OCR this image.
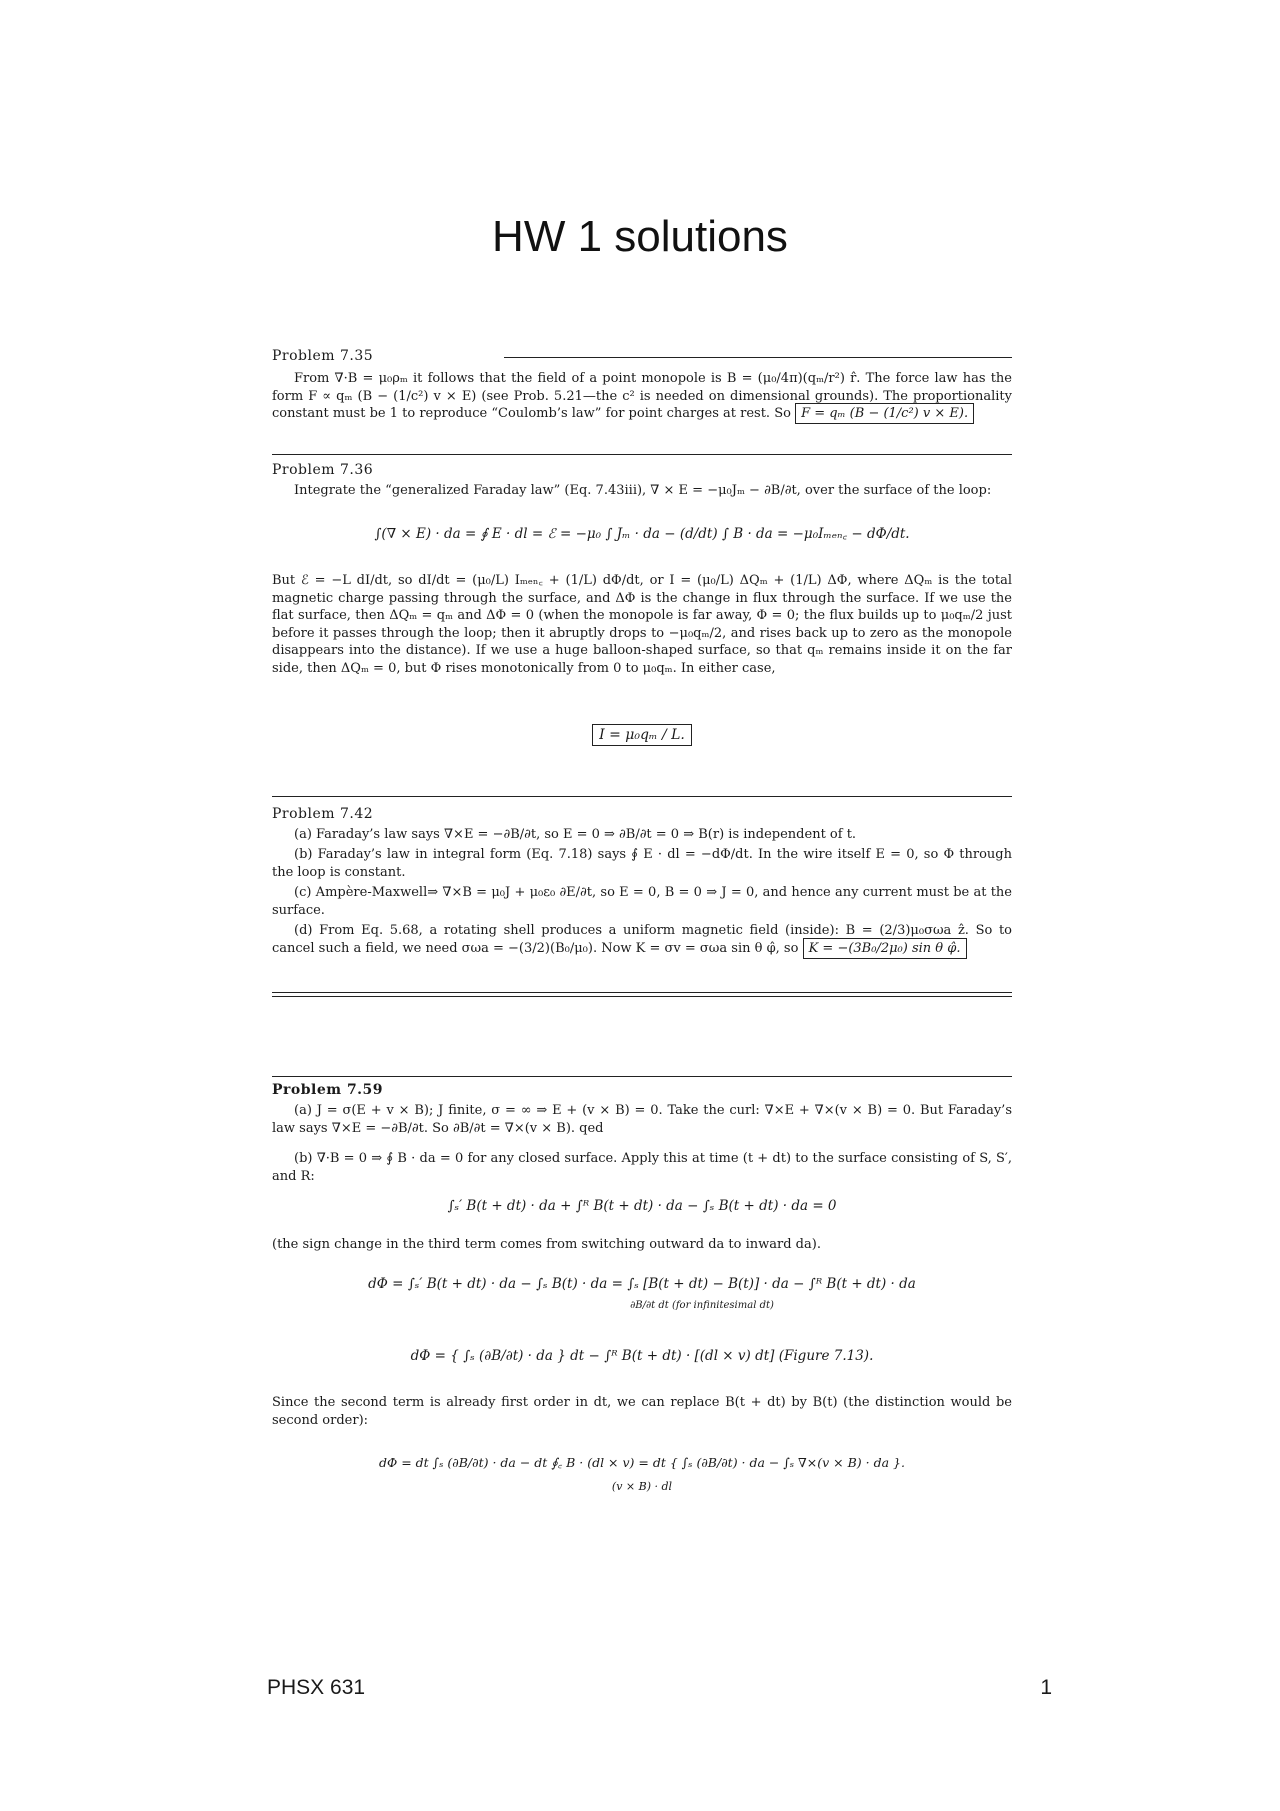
HW 1 solutions
Problem 7.35
From ∇·B = μ₀ρₘ it follows that the field of a point monopole is B = (μ₀/4π)(qₘ/r²) r̂. The force law has the form F ∝ qₘ (B − (1/c²) v × E) (see Prob. 5.21—the c² is needed on dimensional grounds). The proportionality constant must be 1 to reproduce “Coulomb’s law” for point charges at rest. So F = qₘ (B − (1/c²) v × E).
Problem 7.36
Integrate the “generalized Faraday law” (Eq. 7.43iii), ∇ × E = −μ₀Jₘ − ∂B/∂t, over the surface of the loop:
∫(∇ × E) · da = ∮ E · dl = ℰ = −μ₀ ∫ Jₘ · da − (d/dt) ∫ B · da = −μ₀Iₘₑₙ꜀ − dΦ/dt.
But ℰ = −L dI/dt, so dI/dt = (μ₀/L) Iₘₑₙ꜀ + (1/L) dΦ/dt, or I = (μ₀/L) ΔQₘ + (1/L) ΔΦ, where ΔQₘ is the total magnetic charge passing through the surface, and ΔΦ is the change in flux through the surface. If we use the flat surface, then ΔQₘ = qₘ and ΔΦ = 0 (when the monopole is far away, Φ = 0; the flux builds up to μ₀qₘ/2 just before it passes through the loop; then it abruptly drops to −μ₀qₘ/2, and rises back up to zero as the monopole disappears into the distance). If we use a huge balloon-shaped surface, so that qₘ remains inside it on the far side, then ΔQₘ = 0, but Φ rises monotonically from 0 to μ₀qₘ. In either case,
I = μ₀qₘ / L.
Problem 7.42
(a) Faraday’s law says ∇×E = −∂B/∂t, so E = 0 ⇒ ∂B/∂t = 0 ⇒ B(r) is independent of t.
(b) Faraday’s law in integral form (Eq. 7.18) says ∮ E · dl = −dΦ/dt. In the wire itself E = 0, so Φ through the loop is constant.
(c) Ampère-Maxwell⇒ ∇×B = μ₀J + μ₀ε₀ ∂E/∂t, so E = 0, B = 0 ⇒ J = 0, and hence any current must be at the surface.
(d) From Eq. 5.68, a rotating shell produces a uniform magnetic field (inside): B = (2/3)μ₀σωa ẑ. So to cancel such a field, we need σωa = −(3/2)(B₀/μ₀). Now K = σv = σωa sin θ φ̂, so K = −(3B₀/2μ₀) sin θ φ̂.
Problem 7.59
(a) J = σ(E + v × B); J finite, σ = ∞ ⇒ E + (v × B) = 0. Take the curl: ∇×E + ∇×(v × B) = 0. But Faraday’s law says ∇×E = −∂B/∂t. So ∂B/∂t = ∇×(v × B). qed
(b) ∇·B = 0 ⇒ ∮ B · da = 0 for any closed surface. Apply this at time (t + dt) to the surface consisting of S, S′, and R:
∫ₛ′ B(t + dt) · da + ∫ᴿ B(t + dt) · da − ∫ₛ B(t + dt) · da = 0
(the sign change in the third term comes from switching outward da to inward da).
dΦ = ∫ₛ′ B(t + dt) · da − ∫ₛ B(t) · da = ∫ₛ [B(t + dt) − B(t)] · da − ∫ᴿ B(t + dt) · da
∂B/∂t dt (for infinitesimal dt)
dΦ = { ∫ₛ (∂B/∂t) · da } dt − ∫ᴿ B(t + dt) · [(dl × v) dt] (Figure 7.13).
Since the second term is already first order in dt, we can replace B(t + dt) by B(t) (the distinction would be second order):
dΦ = dt ∫ₛ (∂B/∂t) · da − dt ∮꜀ B · (dl × v) = dt { ∫ₛ (∂B/∂t) · da − ∫ₛ ∇×(v × B) · da }.
(v × B) · dl
PHSX 631	1
